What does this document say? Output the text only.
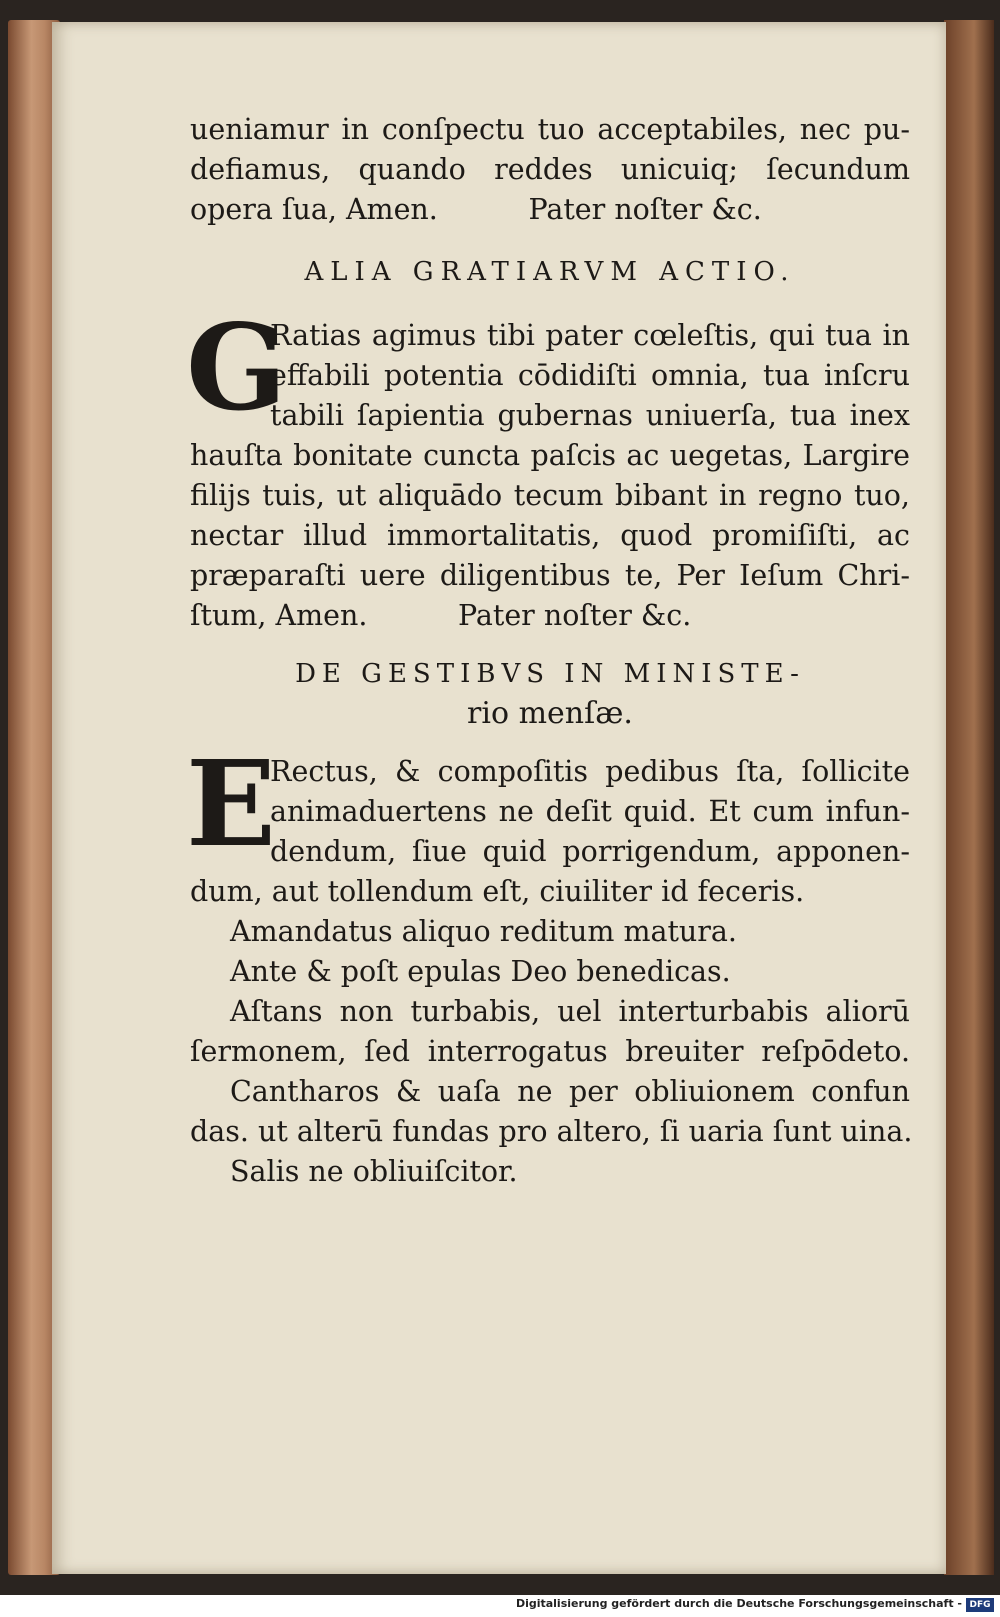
ueniamur in conſpectu tuo acceptabiles, nec pu-
defiamus, quando reddes unicuiq; ſecundum
opera ſua, Amen.          Pater noſter &c.
ALIA GRATIARVM ACTIO.
G
Ratias agimus tibi pater cœleſtis, qui tua in
effabili potentia cōdidiſti omnia, tua inſcru
tabili ſapientia gubernas uniuerſa, tua inex
hauſta bonitate cuncta paſcis ac uegetas, Largire
filijs tuis, ut aliquādo tecum bibant in regno tuo,
nectar illud immortalitatis, quod promiſiſti, ac
præparaſti uere diligentibus te, Per Ieſum Chri-
ſtum, Amen.          Pater noſter &c.
DE GESTIBVS IN MINISTE-
rio menſæ.
E
Rectus, & compoſitis pedibus ſta, ſollicite
animaduertens ne deſit quid. Et cum infun-
dendum, ſiue quid porrigendum, apponen-
dum, aut tollendum eſt, ciuiliter id feceris.
Amandatus aliquo reditum matura.
Ante & poſt epulas Deo benedicas.
Aſtans non turbabis, uel interturbabis aliorū
ſermonem, ſed interrogatus breuiter reſpōdeto.
Cantharos & uaſa ne per obliuionem confun
das. ut alterū fundas pro altero, ſi uaria ſunt uina.
Salis ne obliuiſcitor.
Digitalisierung gefördert durch die Deutsche Forschungsgemeinschaft - DFG
